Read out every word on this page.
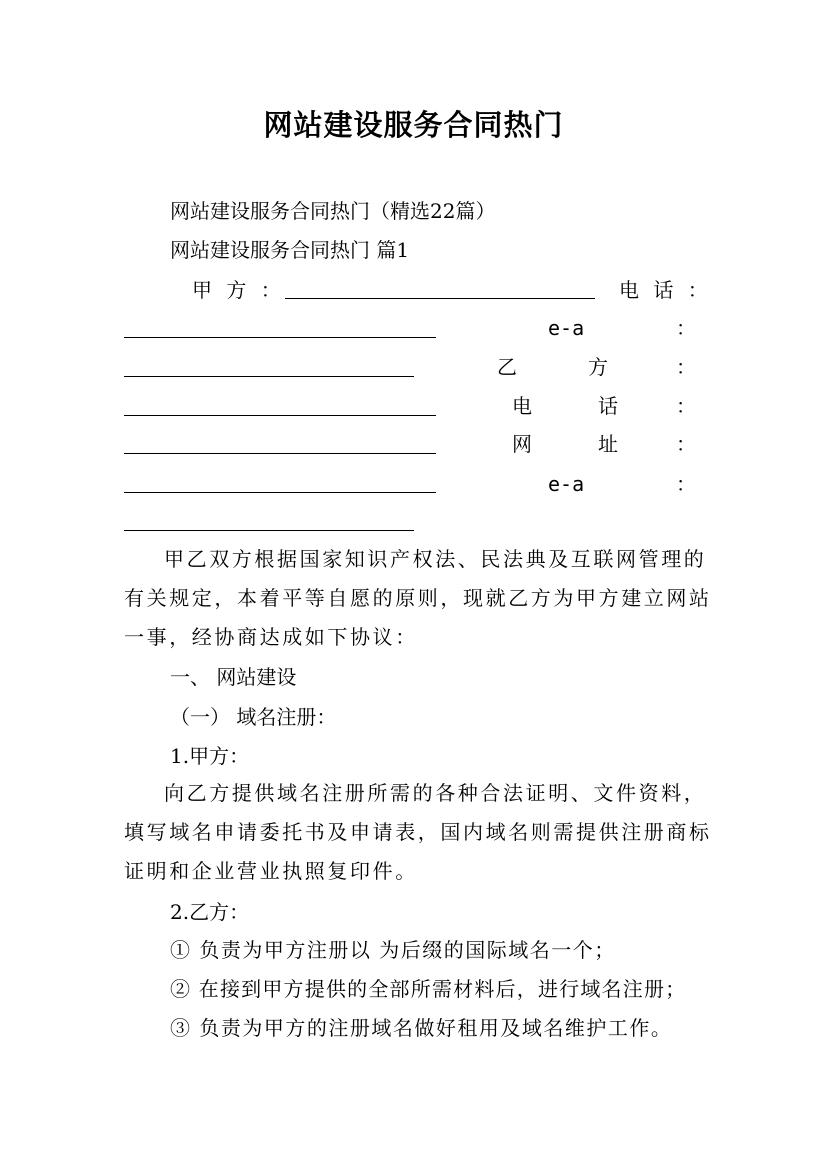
网站建设服务合同热门
网站建设服务合同热门（精选22篇）
网站建设服务合同热门 篇1
甲 方 ：	电 话 ：
e-a	：
乙	方	：
电	话	：
网	址	：
e-a	：
甲乙双方根据国家知识产权法、民法典及互联网管理的有关规定，本着平等自愿的原则，现就乙方为甲方建立网站一事，经协商达成如下协议：
一、 网站建设
（一） 域名注册：
1.甲方：
向乙方提供域名注册所需的各种合法证明、文件资料，填写域名申请委托书及申请表，国内域名则需提供注册商标证明和企业营业执照复印件。
2.乙方：
① 负责为甲方注册以 为后缀的国际域名一个；
② 在接到甲方提供的全部所需材料后，进行域名注册；
③ 负责为甲方的注册域名做好租用及域名维护工作。
